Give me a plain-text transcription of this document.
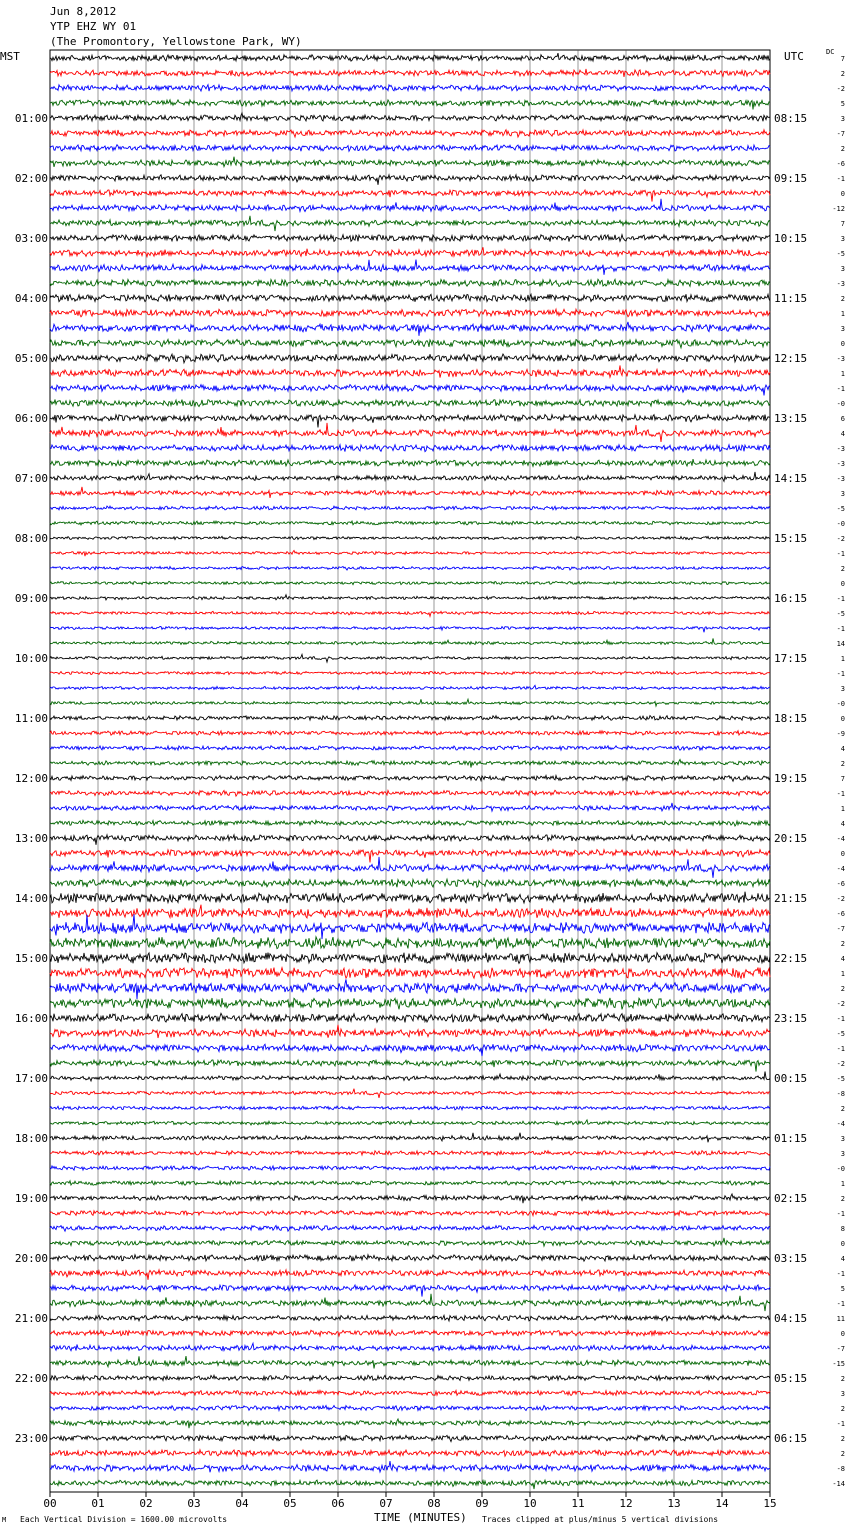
Jun 8,2012
YTP EHZ WY 01
(The Promontory, Yellowstone Park, WY)
MST	UTC	DC
00	01	02	03	04	05	06	07	08	09	10	11	12	13	14	15
01:00
02:00
03:00
04:00
05:00
06:00
07:00
08:00
09:00
10:00
11:00
12:00
13:00
14:00
15:00
16:00
17:00
18:00
19:00
20:00
21:00
22:00
23:00
08:15
09:15
10:15
11:15
12:15
13:15
14:15
15:15
16:15
17:15
18:15
19:15
20:15
21:15
22:15
23:15
00:15
01:15
02:15
03:15
04:15
05:15
06:15
7
2
-2
5
3
-7
2
-6
-1
0
-12
7
3
-5
3
-3
2
1
3
0
-3
1
-1
-0
6
4
-3
-3
-3
3
-5
-0
-2
-1
2
0
-1
-5
-1
14
1
-1
3
-0
0
-9
4
2
7
-1
1
4
-4
0
-4
-6
-2
-6
-7
2
4
1
2
-2
-1
-5
-1
-2
-5
-8
2
-4
3
3
-0
1
2
-1
8
0
4
-1
5
-1
11
0
-7
-15
2
3
2
-1
2
2
-8
-14
M Each Vertical Division = 1600.00 microvolts	TIME (MINUTES) Traces clipped at plus/minus 5 vertical divisions
